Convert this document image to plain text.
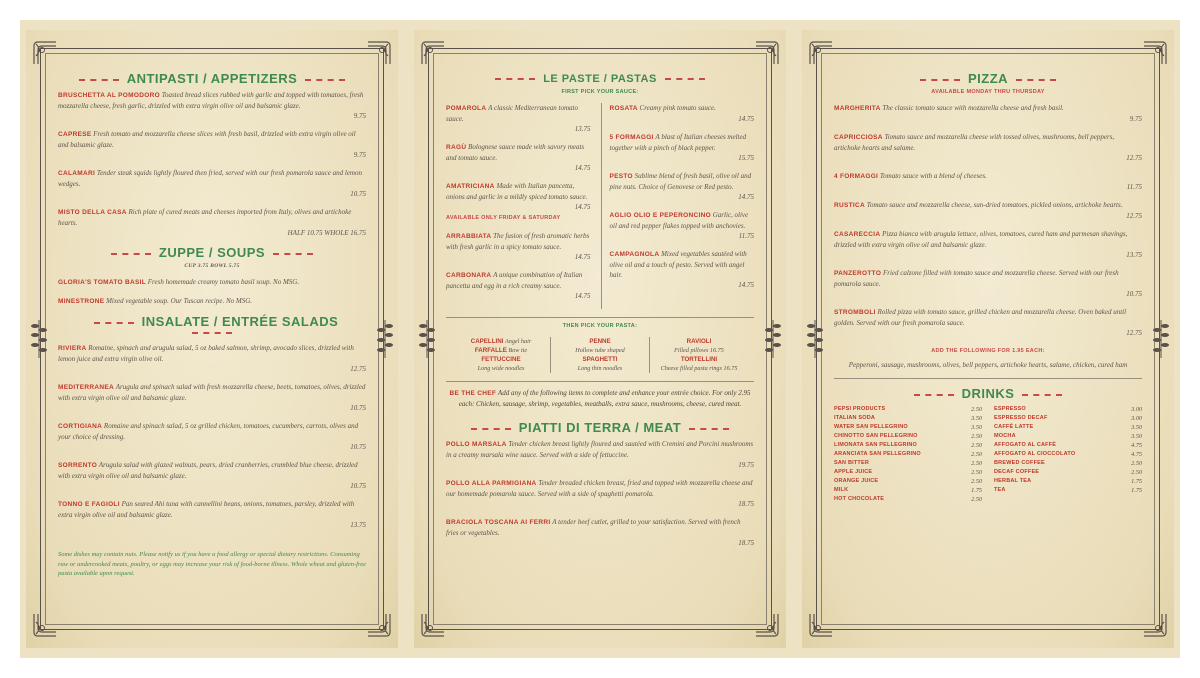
ANTIPASTI / APPETIZERS
BRUSCHETTA AL POMODORO Toasted bread slices rubbed with garlic and topped with tomatoes, fresh mozzarella cheese, fresh garlic, drizzled with extra virgin olive oil and balsamic glaze.
9.75
CAPRESE Fresh tomato and mozzarella cheese slices with fresh basil, drizzled with extra virgin olive oil and balsamic glaze.
9.75
CALAMARI Tender steak squids lightly floured then fried, served with our fresh pomarola sauce and lemon wedges.
10.75
MISTO DELLA CASA Rich plate of cured meats and cheeses imported from Italy, olives and artichoke hearts.
HALF 10.75 WHOLE 16.75
ZUPPE / SOUPS
CUP 3.75 BOWL 5.75
GLORIA'S TOMATO BASIL Fresh homemade creamy tomato basil soup. No MSG.
MINESTRONE Mixed vegetable soup. Our Tuscan recipe. No MSG.
INSALATE / ENTRÉE SALADS
RIVIERA Romaine, spinach and arugula salad, 5 oz baked salmon, shrimp, avocado slices, drizzled with lemon juice and extra virgin olive oil.
12.75
MEDITERRANEA Arugula and spinach salad with fresh mozzarella cheese, beets, tomatoes, olives, drizzled with extra virgin olive oil and balsamic glaze.
10.75
CORTIGIANA Romaine and spinach salad, 5 oz grilled chicken, tomatoes, cucumbers, carrots, olives and your choice of dressing.
10.75
SORRENTO Arugula salad with glazed walnuts, pears, dried cranberries, crumbled blue cheese, drizzled with extra virgin olive oil and balsamic glaze.
10.75
TONNO E FAGIOLI Pan seared Ahi tuna with cannellini beans, onions, tomatoes, parsley, drizzled with extra virgin olive oil and balsamic glaze.
13.75
Some dishes may contain nuts. Please notify us if you have a food allergy or special dietary restrictions. Consuming raw or undercooked meats, poultry, or eggs may increase your risk of food-borne illness. Whole wheat and gluten-free pasta available upon request.
LE PASTE / PASTAS
FIRST PICK YOUR SAUCE:
POMAROLA A classic Mediterranean tomato sauce.
13.75
RAGÙ Bolognese sauce made with savory meats and tomato sauce.
14.75
AMATRICIANA Made with Italian pancetta, onions and garlic in a mildly spiced tomato sauce.
14.75
AVAILABLE ONLY FRIDAY & SATURDAY
ARRABBIATA The fusion of fresh aromatic herbs with fresh garlic in a spicy tomato sauce.
14.75
CARBONARA A unique combination of Italian pancetta and egg in a rich creamy sauce.
14.75
ROSATA Creamy pink tomato sauce.
14.75
5 FORMAGGI A blast of Italian cheeses melted together with a pinch of black pepper.
15.75
PESTO Sublime blend of fresh basil, olive oil and pine nuts. Choice of Genovese or Red pesto.
14.75
AGLIO OLIO E PEPERONCINO Garlic, olive oil and red pepper flakes topped with anchovies.
11.75
CAMPAGNOLA Mixed vegetables sautéed with olive oil and a touch of pesto. Served with angel hair.
14.75
THEN PICK YOUR PASTA:
CAPELLINI Angel hair
FARFALLE Bow tie
FETTUCCINE
Long wide noodles
PENNE
Hollow tube shaped
SPAGHETTI
Long thin noodles
RAVIOLI
Filled pillows 16.75
TORTELLINI
Cheese filled pasta rings 16.75
BE THE CHEF Add any of the following items to complete and enhance your entrée choice. For only 2.95 each: Chicken, sausage, shrimp, vegetables, meatballs, extra sauce, mushrooms, cheese, cured meat.
PIATTI DI TERRA / MEAT
POLLO MARSALA Tender chicken breast lightly floured and sautéed with Cremini and Porcini mushrooms in a creamy marsala wine sauce. Served with a side of fettuccine.
19.75
POLLO ALLA PARMIGIANA Tender breaded chicken breast, fried and topped with mozzarella cheese and our homemade pomarola sauce. Served with a side of spaghetti pomarola.
18.75
BRACIOLA TOSCANA AI FERRI A tender beef cutlet, grilled to your satisfaction. Served with french fries or vegetables.
18.75
PIZZA
AVAILABLE MONDAY THRU THURSDAY
MARGHERITA The classic tomato sauce with mozzarella cheese and fresh basil.
9.75
CAPRICCIOSA Tomato sauce and mozzarella cheese with tossed olives, mushrooms, bell peppers, artichoke hearts and salame.
12.75
4 FORMAGGI Tomato sauce with a blend of cheeses.
11.75
RUSTICA Tomato sauce and mozzarella cheese, sun-dried tomatoes, pickled onions, artichoke hearts.
12.75
CASARECCIA Pizza bianca with arugula lettuce, olives, tomatoes, cured ham and parmesan shavings, drizzled with extra virgin olive oil and balsamic glaze.
13.75
PANZEROTTO Fried calzone filled with tomato sauce and mozzarella cheese. Served with our fresh pomarola sauce.
10.75
STROMBOLI Rolled pizza with tomato sauce, grilled chicken and mozzarella cheese. Oven baked until golden. Served with our fresh pomarola sauce.
12.75
ADD THE FOLLOWING FOR 1.95 EACH:
Pepperoni, sausage, mushrooms, olives, bell peppers, artichoke hearts, salame, chicken, cured ham
DRINKS
PEPSI PRODUCTS	2.50
ITALIAN SODA	3.50
WATER SAN PELLEGRINO	3.50
CHINOTTO SAN PELLEGRINO	2.50
LIMONATA SAN PELLEGRINO	2.50
ARANCIATA SAN PELLEGRINO	2.50
SAN BITTER	2.50
APPLE JUICE	2.50
ORANGE JUICE	2.50
MILK	1.75
HOT CHOCOLATE	2.50
ESPRESSO	3.00
ESPRESSO DECAF	3.00
CAFFÈ LATTE	3.50
MOCHA	3.50
AFFOGATO AL CAFFÈ	4.75
AFFOGATO AL CIOCCOLATO	4.75
BREWED COFFEE	2.50
DECAF COFFEE	2.50
HERBAL TEA	1.75
TEA	1.75
